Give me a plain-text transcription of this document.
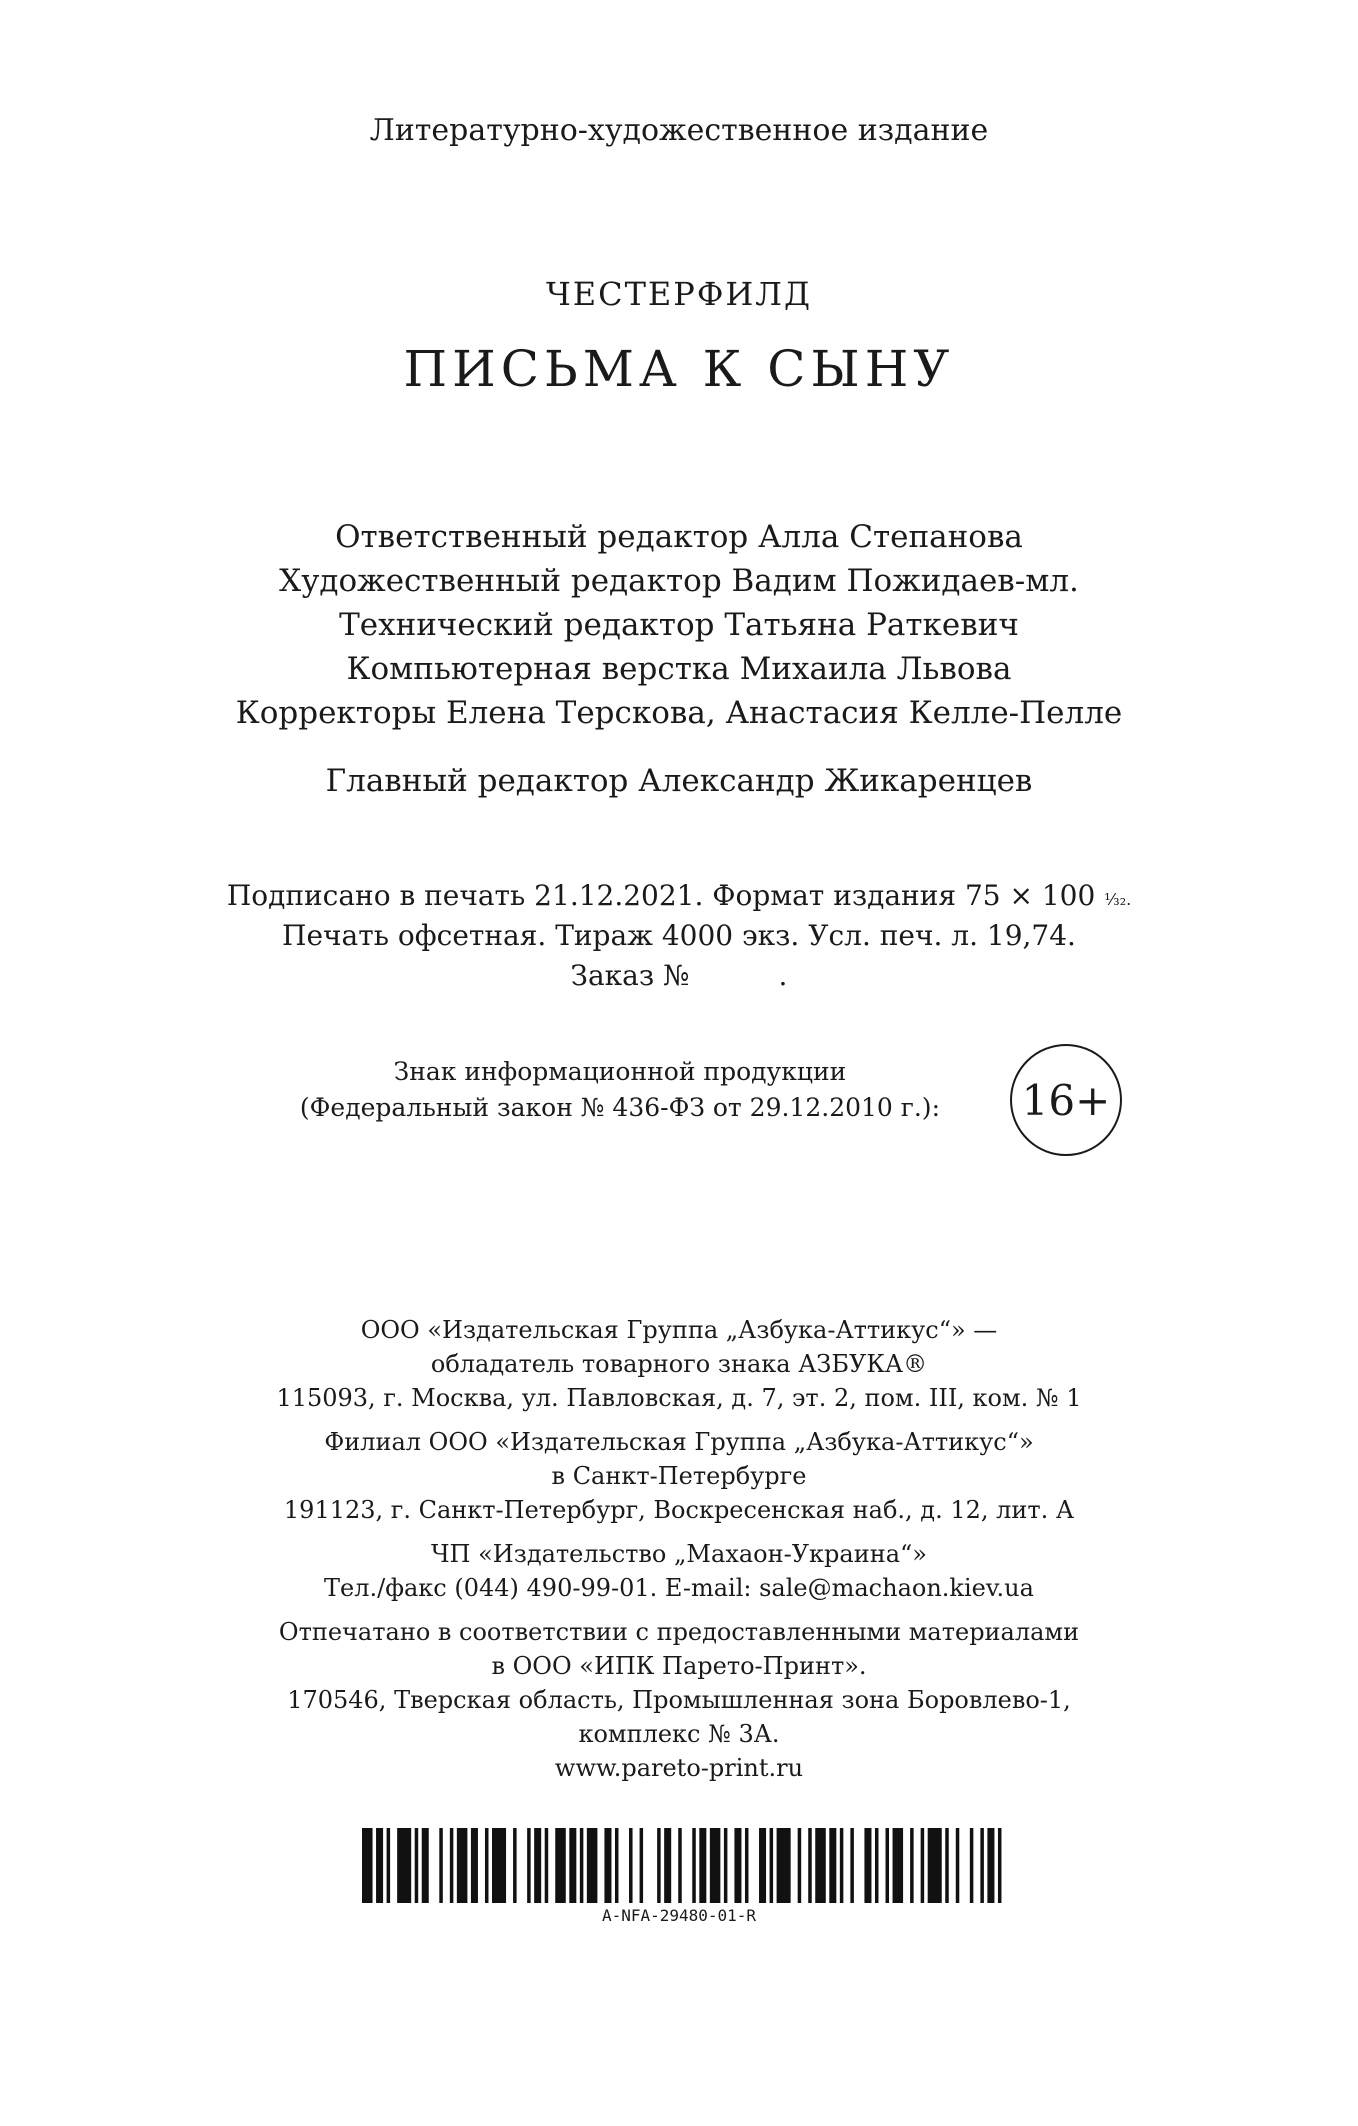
Литературно-художественное издание
ЧЕСТЕРФИЛД
ПИСЬМА К СЫНУ
Ответственный редактор Алла Степанова
Художественный редактор Вадим Пожидаев-мл.
Технический редактор Татьяна Раткевич
Компьютерная верстка Михаила Львова
Корректоры Елена Терскова, Анастасия Келле-Пелле
Главный редактор Александр Жикаренцев
Подписано в печать 21.12.2021. Формат издания 75 × 100 ¹⁄₃₂.
Печать офсетная. Тираж 4000 экз. Усл. печ. л. 19,74.
Заказ №          .
Знак информационной продукции
(Федеральный закон № 436-ФЗ от 29.12.2010 г.): 16+
ООО «Издательская Группа „Азбука-Аттикус“» —
обладатель товарного знака АЗБУКА®
115093, г. Москва, ул. Павловская, д. 7, эт. 2, пом. III, ком. № 1
Филиал ООО «Издательская Группа „Азбука-Аттикус“»
в Санкт-Петербурге
191123, г. Санкт-Петербург, Воскресенская наб., д. 12, лит. А
ЧП «Издательство „Махаон-Украина“»
Тел./факс (044) 490-99-01. E-mail: sale@machaon.kiev.ua
Отпечатано в соответствии с предоставленными материалами
в ООО «ИПК Парето-Принт».
170546, Тверская область, Промышленная зона Боровлево-1,
комплекс № 3А.
www.pareto-print.ru
A-NFA-29480-01-R
